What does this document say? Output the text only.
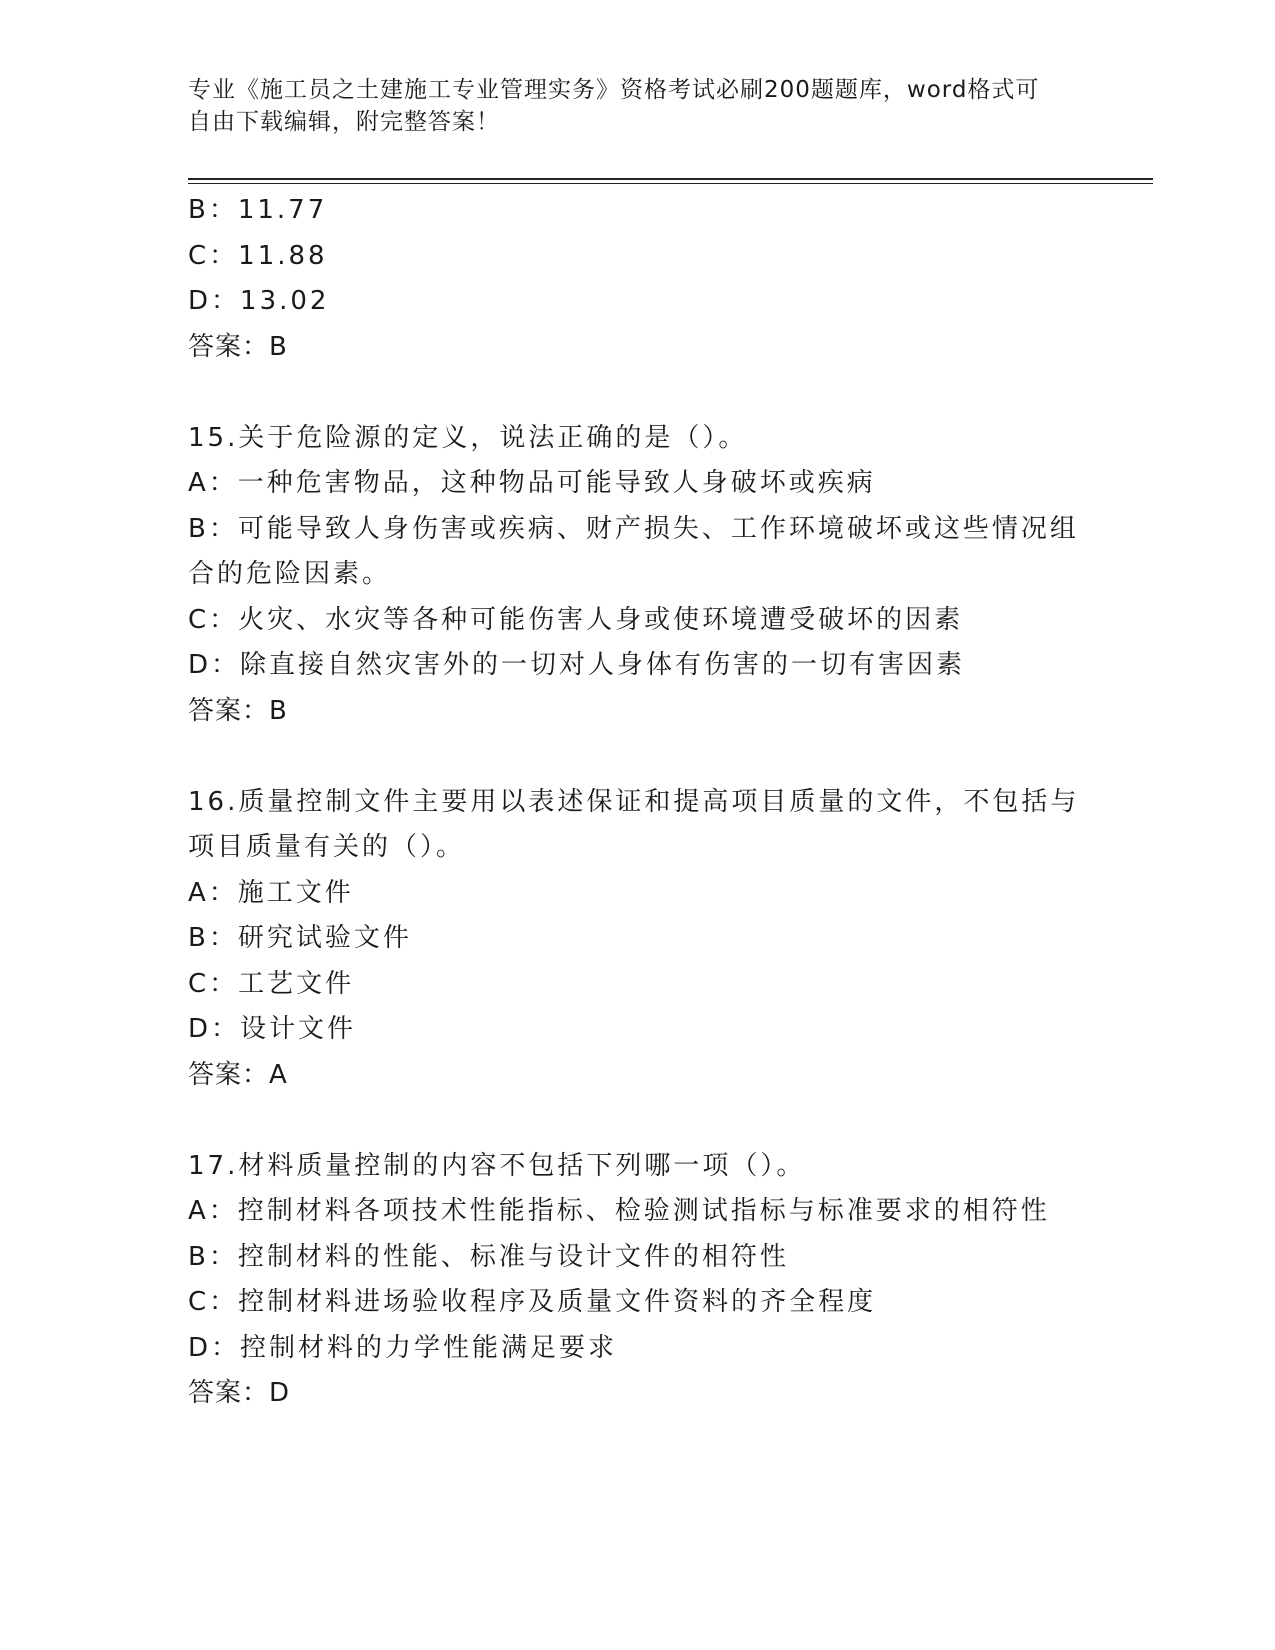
专业《施工员之土建施工专业管理实务》资格考试必刷200题题库，word格式可
自由下载编辑，附完整答案！
B：11.77
C：11.88
D：13.02
答案：B
15.关于危险源的定义，说法正确的是（）。
A：一种危害物品，这种物品可能导致人身破坏或疾病
B：可能导致人身伤害或疾病、财产损失、工作环境破坏或这些情况组
合的危险因素。
C：火灾、水灾等各种可能伤害人身或使环境遭受破坏的因素
D：除直接自然灾害外的一切对人身体有伤害的一切有害因素
答案：B
16.质量控制文件主要用以表述保证和提高项目质量的文件，不包括与
项目质量有关的（）。
A：施工文件
B：研究试验文件
C：工艺文件
D：设计文件
答案：A
17.材料质量控制的内容不包括下列哪一项（）。
A：控制材料各项技术性能指标、检验测试指标与标准要求的相符性
B：控制材料的性能、标准与设计文件的相符性
C：控制材料进场验收程序及质量文件资料的齐全程度
D：控制材料的力学性能满足要求
答案：D
